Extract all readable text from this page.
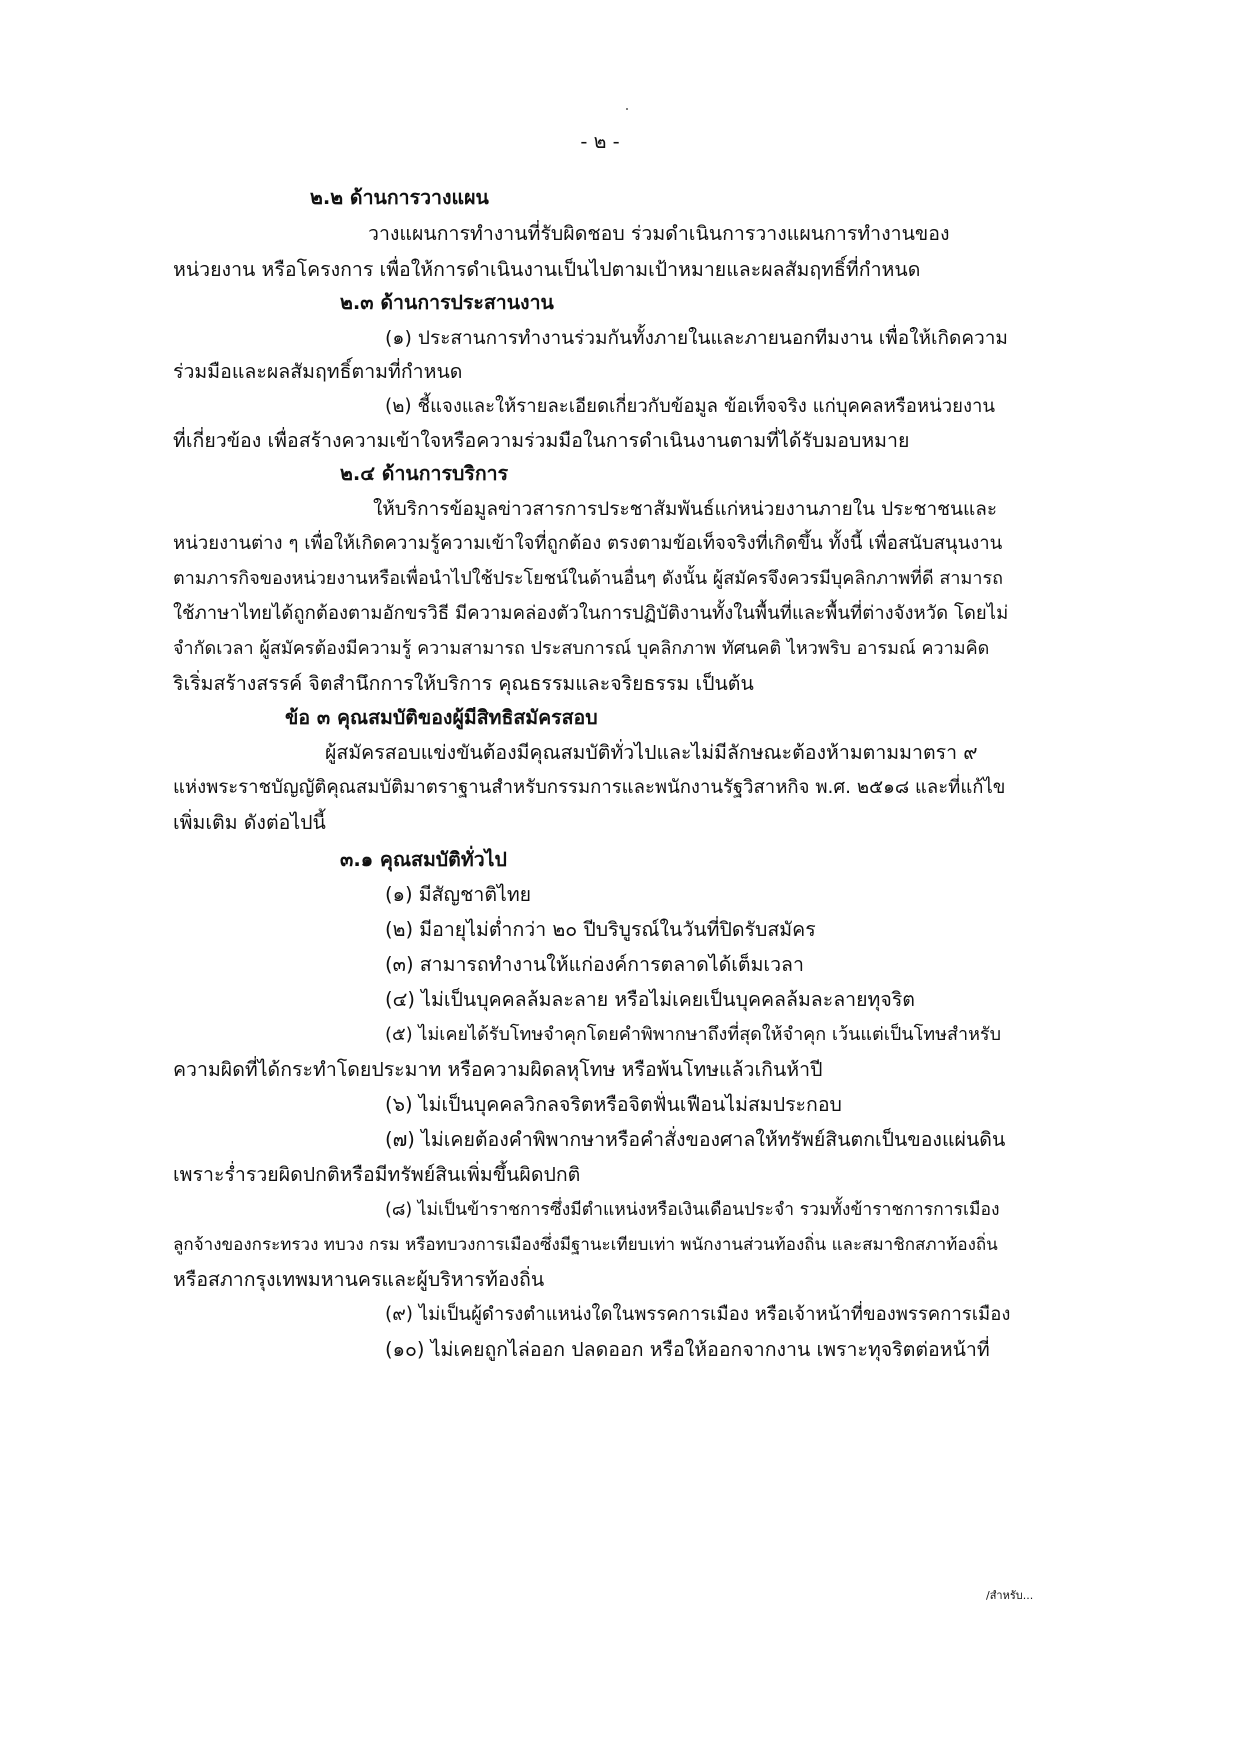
- ๒ -
๒.๒ ด้านการวางแผน
วางแผนการทำงานที่รับผิดชอบ ร่วมดำเนินการวางแผนการทำงานของ
หน่วยงาน หรือโครงการ เพื่อให้การดำเนินงานเป็นไปตามเป้าหมายและผลสัมฤทธิ์ที่กำหนด
๒.๓ ด้านการประสานงาน
(๑) ประสานการทำงานร่วมกันทั้งภายในและภายนอกทีมงาน เพื่อให้เกิดความ
ร่วมมือและผลสัมฤทธิ์ตามที่กำหนด
(๒) ชี้แจงและให้รายละเอียดเกี่ยวกับข้อมูล ข้อเท็จจริง แก่บุคคลหรือหน่วยงาน
ที่เกี่ยวข้อง เพื่อสร้างความเข้าใจหรือความร่วมมือในการดำเนินงานตามที่ได้รับมอบหมาย
๒.๔ ด้านการบริการ
ให้บริการข้อมูลข่าวสารการประชาสัมพันธ์แก่หน่วยงานภายใน ประชาชนและ
หน่วยงานต่าง ๆ เพื่อให้เกิดความรู้ความเข้าใจที่ถูกต้อง ตรงตามข้อเท็จจริงที่เกิดขึ้น ทั้งนี้ เพื่อสนับสนุนงาน
ตามภารกิจของหน่วยงานหรือเพื่อนำไปใช้ประโยชน์ในด้านอื่นๆ ดังนั้น ผู้สมัครจึงควรมีบุคลิกภาพที่ดี สามารถ
ใช้ภาษาไทยได้ถูกต้องตามอักขรวิธี มีความคล่องตัวในการปฏิบัติงานทั้งในพื้นที่และพื้นที่ต่างจังหวัด โดยไม่
จำกัดเวลา ผู้สมัครต้องมีความรู้ ความสามารถ ประสบการณ์ บุคลิกภาพ ทัศนคติ ไหวพริบ อารมณ์ ความคิด
ริเริ่มสร้างสรรค์ จิตสำนึกการให้บริการ คุณธรรมและจริยธรรม เป็นต้น
ข้อ ๓ คุณสมบัติของผู้มีสิทธิสมัครสอบ
ผู้สมัครสอบแข่งขันต้องมีคุณสมบัติทั่วไปและไม่มีลักษณะต้องห้ามตามมาตรา ๙
แห่งพระราชบัญญัติคุณสมบัติมาตราฐานสำหรับกรรมการและพนักงานรัฐวิสาหกิจ พ.ศ. ๒๕๑๘ และที่แก้ไข
เพิ่มเติม ดังต่อไปนี้
๓.๑ คุณสมบัติทั่วไป
(๑) มีสัญชาติไทย
(๒) มีอายุไม่ต่ำกว่า ๒๐ ปีบริบูรณ์ในวันที่ปิดรับสมัคร
(๓) สามารถทำงานให้แก่องค์การตลาดได้เต็มเวลา
(๔) ไม่เป็นบุคคลล้มละลาย หรือไม่เคยเป็นบุคคลล้มละลายทุจริต
(๕) ไม่เคยได้รับโทษจำคุกโดยคำพิพากษาถึงที่สุดให้จำคุก เว้นแต่เป็นโทษสำหรับ
ความผิดที่ได้กระทำโดยประมาท หรือความผิดลหุโทษ หรือพ้นโทษแล้วเกินห้าปี
(๖) ไม่เป็นบุคคลวิกลจริตหรือจิตฟั่นเฟือนไม่สมประกอบ
(๗) ไม่เคยต้องคำพิพากษาหรือคำสั่งของศาลให้ทรัพย์สินตกเป็นของแผ่นดิน
เพราะร่ำรวยผิดปกติหรือมีทรัพย์สินเพิ่มขึ้นผิดปกติ
(๘) ไม่เป็นข้าราชการซึ่งมีตำแหน่งหรือเงินเดือนประจำ รวมทั้งข้าราชการการเมือง
ลูกจ้างของกระทรวง ทบวง กรม หรือทบวงการเมืองซึ่งมีฐานะเทียบเท่า พนักงานส่วนท้องถิ่น และสมาชิกสภาท้องถิ่น
หรือสภากรุงเทพมหานครและผู้บริหารท้องถิ่น
(๙) ไม่เป็นผู้ดำรงตำแหน่งใดในพรรคการเมือง หรือเจ้าหน้าที่ของพรรคการเมือง
(๑๐) ไม่เคยถูกไล่ออก ปลดออก หรือให้ออกจากงาน เพราะทุจริตต่อหน้าที่
/สำหรับ...
